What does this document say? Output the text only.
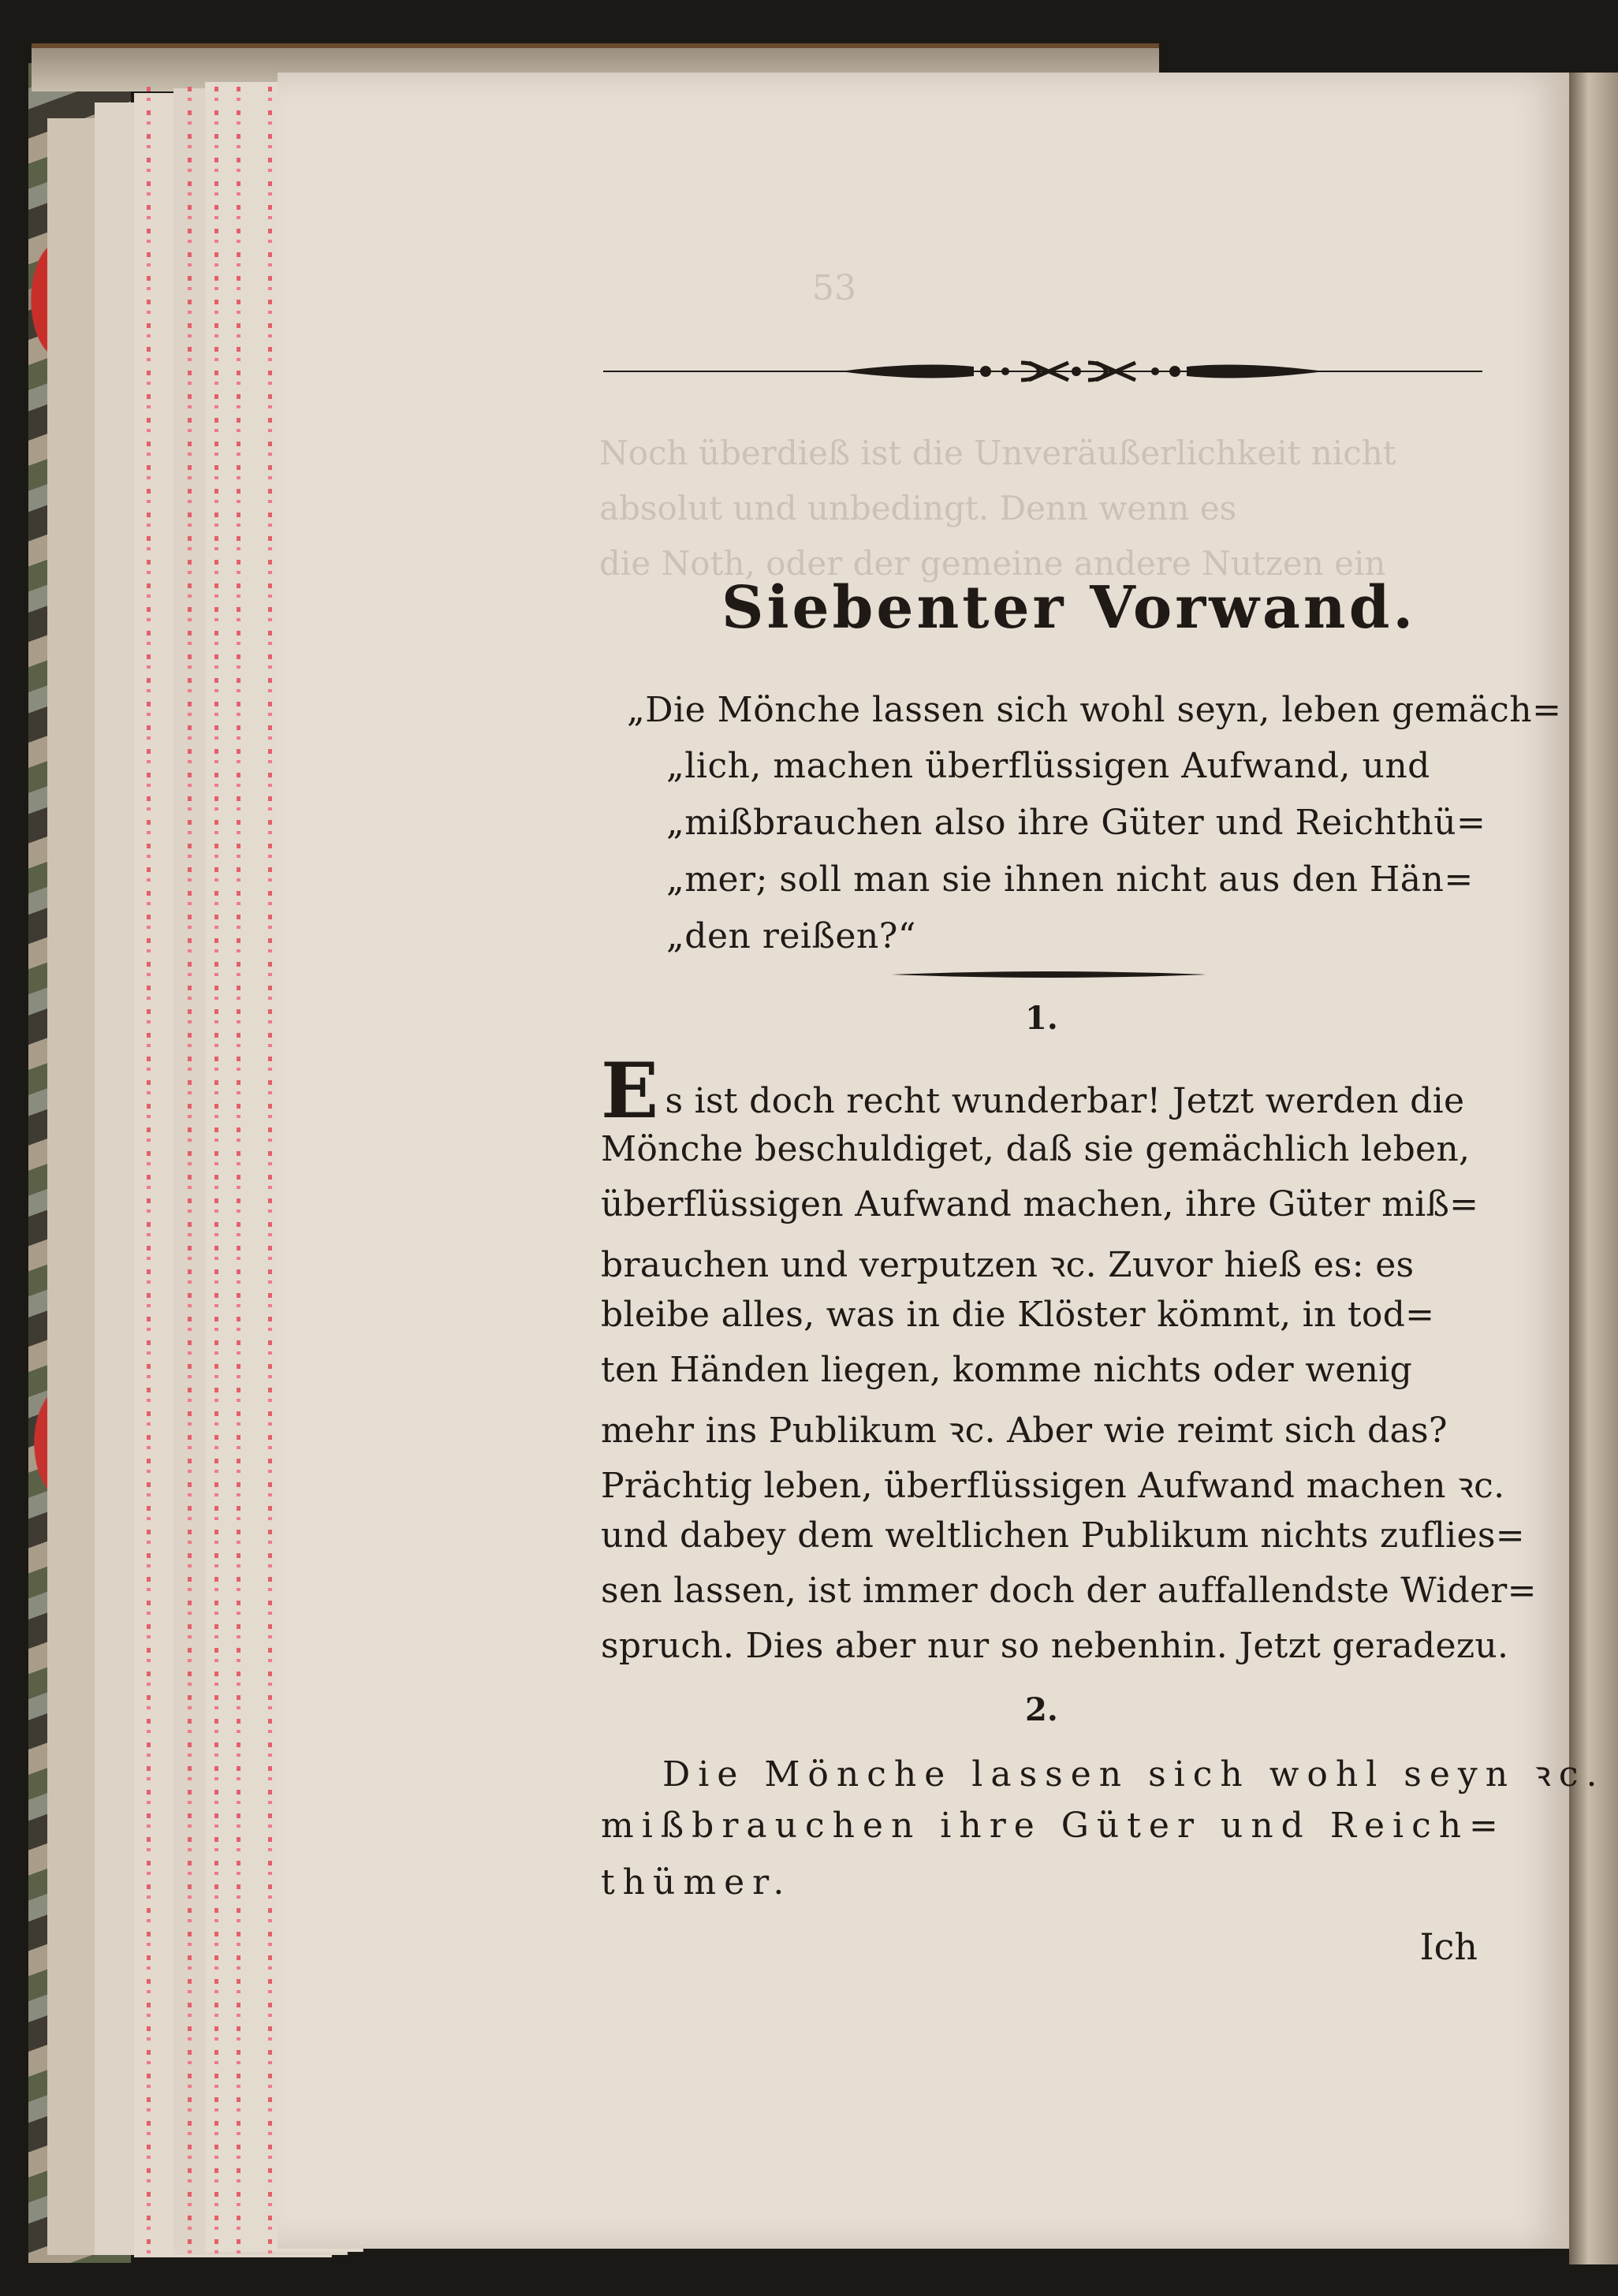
Noch überdieß ist die Unveräußerlichkeit nicht
absolut und unbedingt. Denn wenn es
die Noth, oder der gemeine andere Nutzen ein
53
Siebenter Vorwand.
„Die Mönche lassen sich wohl seyn, leben gemäch=
„lich, machen überflüssigen Aufwand, und
„mißbrauchen also ihre Güter und Reichthü=
„mer; soll man sie ihnen nicht aus den Hän=
„den reißen?“
1.
Es ist doch recht wunderbar! Jetzt werden die
Mönche beschuldiget, daß sie gemächlich leben,
überflüssigen Aufwand machen, ihre Güter miß=
brauchen und verputzen ꝛc. Zuvor hieß es: es
bleibe alles, was in die Klöster kömmt, in tod=
ten Händen liegen, komme nichts oder wenig
mehr ins Publikum ꝛc. Aber wie reimt sich das?
Prächtig leben, überflüssigen Aufwand machen ꝛc.
und dabey dem weltlichen Publikum nichts zuflies=
sen lassen, ist immer doch der auffallendste Wider=
spruch. Dies aber nur so nebenhin. Jetzt geradezu.
2.
Die Mönche lassen sich wohl seyn ꝛc.
mißbrauchen ihre Güter und Reich=
thümer.
Ich
